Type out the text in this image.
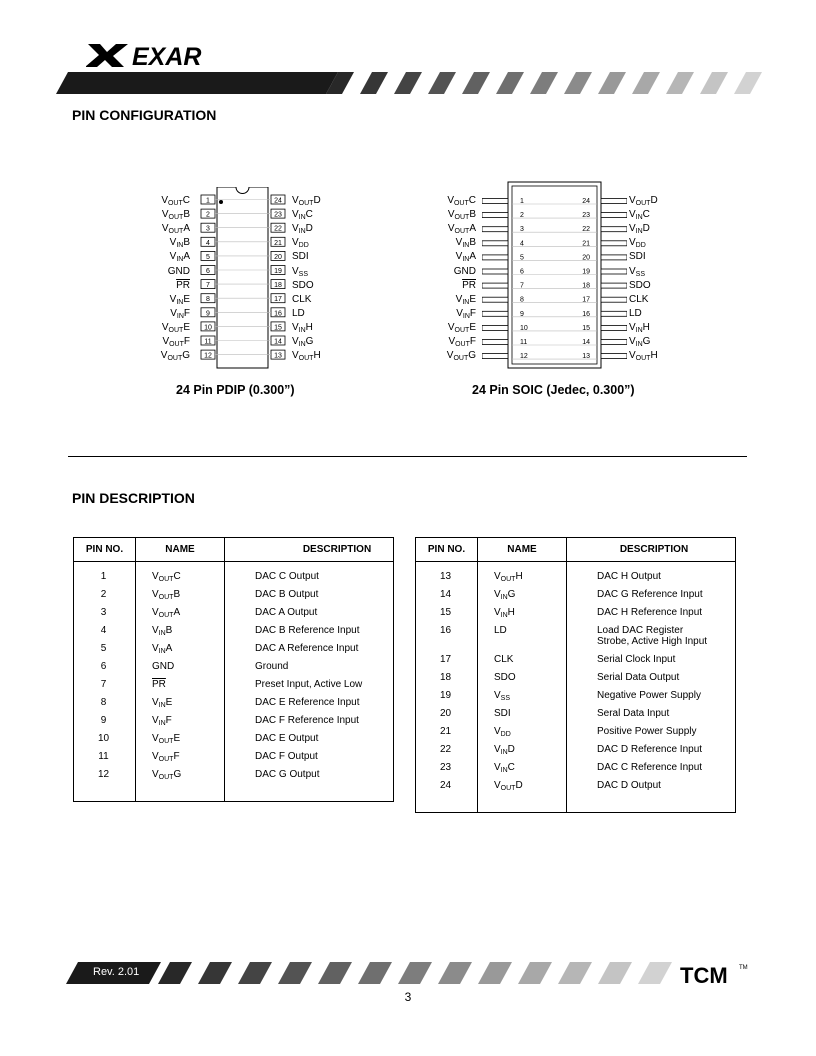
EXAR
PIN CONFIGURATION
1	24
2	23
3	22
4	21
5	20
6	19
7	18
8	17
9	16
10	15
11	14
12	13
1	24
2	23
3	22
4	21
5	20
6	19
7	18
8	17
9	16
10	15
11	14
12	13
$V_{OUT}C$	$V_{OUT}D$
$V_{OUT}B$	$V_{IN}C$
$V_{OUT}A$	$V_{IN}D$
$V_{IN}B$	$V_{DD}$
$V_{IN}A$	SDI
GND	$V_{SS}$
$\overline{PR}$	SDO
$V_{IN}E$	CLK
$V_{IN}F$	LD
$V_{OUT}E$	$V_{IN}H$
$V_{OUT}F$	$V_{IN}G$
$V_{OUT}G$	$V_{OUT}H$
$V_{OUT}C$	$V_{OUT}D$
$V_{OUT}B$	$V_{IN}C$
$V_{OUT}A$	$V_{IN}D$
$V_{IN}B$	$V_{DD}$
$V_{IN}A$	SDI
GND	$V_{SS}$
$\overline{PR}$	SDO
$V_{IN}E$	CLK
$V_{IN}F$	LD
$V_{OUT}E$	$V_{IN}H$
$V_{OUT}F$	$V_{IN}G$
$V_{OUT}G$	$V_{OUT}H$
24 Pin PDIP (0.300”)	24 Pin SOIC (Jedec, 0.300”)
PIN DESCRIPTION
PIN NO.	NAME	DESCRIPTION

1	$V_{OUT}C$	DAC C Output
2	$V_{OUT}B$	DAC B Output
3	$V_{OUT}A$	DAC A Output
4	$V_{IN}B$	DAC B Reference Input
5	$V_{IN}A$	DAC A Reference Input
6	GND	Ground
7	$\overline{PR}$	Preset Input, Active Low
8	$V_{IN}E$	DAC E Reference Input
9	$V_{IN}F$	DAC F Reference Input
10	$V_{OUT}E$	DAC E Output
11	$V_{OUT}F$	DAC F Output
12	$V_{OUT}G$	DAC G Output

PIN NO.	NAME	DESCRIPTION

13	$V_{OUT}H$	DAC H Output
14	$V_{IN}G$	DAC G Reference Input
15	$V_{IN}H$	DAC H Reference Input
16	LD	Load DAC Register Strobe, Active High Input
17	CLK	Serial Clock Input
18	SDO	Serial Data Output
19	$V_{SS}$	Negative Power Supply
20	SDI	Seral Data Input
21	$V_{DD}$	Positive Power Supply
22	$V_{IN}D$	DAC D Reference Input
23	$V_{IN}C$	DAC C Reference Input
24	$V_{OUT}D$	DAC D Output

Rev. 2.01	TCM TM
3
